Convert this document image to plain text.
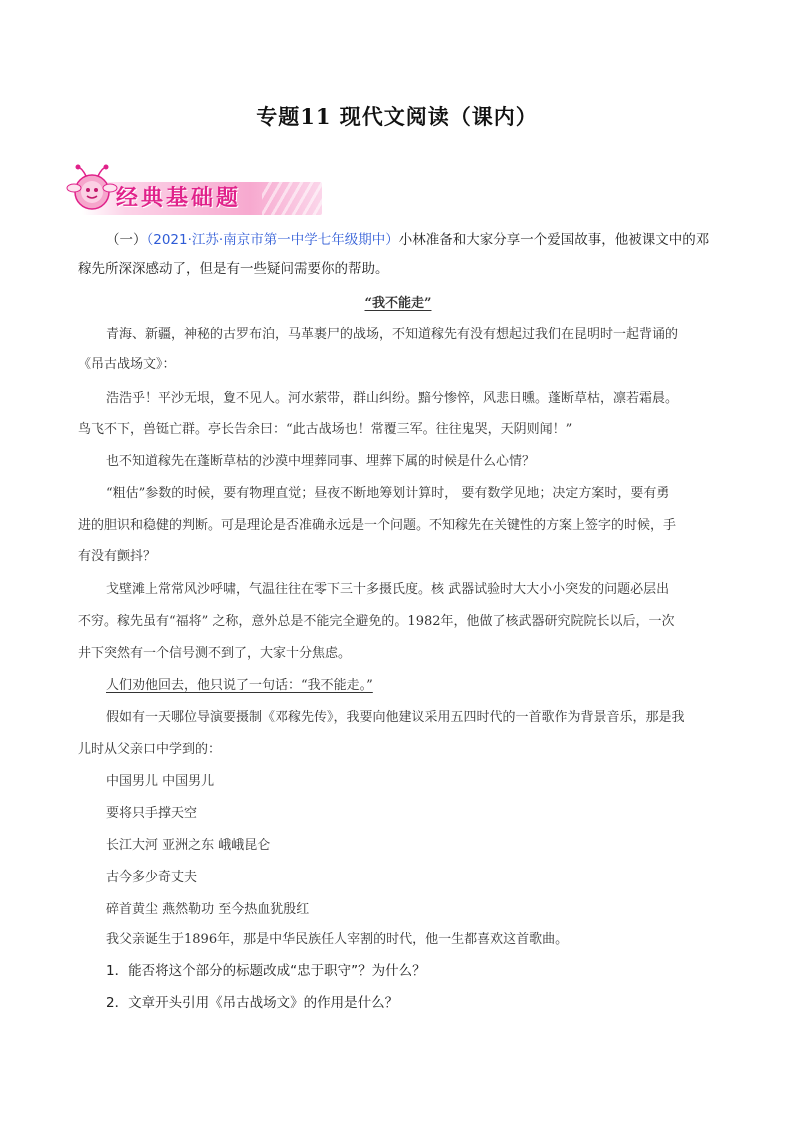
专题11 现代文阅读（课内）
经典基础题
（一）（2021·江苏·南京市第一中学七年级期中）小林准备和大家分享一个爱国故事，他被课文中的邓
稼先所深深感动了，但是有一些疑问需要你的帮助。
“我不能走”
青海、新疆，神秘的古罗布泊，马革裹尸的战场，不知道稼先有没有想起过我们在昆明时一起背诵的
《吊古战场文》：
浩浩乎！平沙无垠，夐不见人。河水萦带，群山纠纷。黯兮惨悴，风悲日曛。蓬断草枯，凛若霜晨。
鸟飞不下，兽铤亡群。亭长告余曰：“此古战场也！常覆三军。往往鬼哭，天阴则闻！”
也不知道稼先在蓬断草枯的沙漠中埋葬同事、埋葬下属的时候是什么心情？
“粗估”参数的时候，要有物理直觉；昼夜不断地筹划计算时， 要有数学见地；决定方案时，要有勇
进的胆识和稳健的判断。可是理论是否准确永远是一个问题。不知稼先在关键性的方案上签字的时候，手
有没有颤抖？
戈壁滩上常常风沙呼啸，气温往往在零下三十多摄氏度。核 武器试验时大大小小突发的问题必层出
不穷。稼先虽有“福将” 之称，意外总是不能完全避免的。1982年，他做了核武器研究院院长以后，一次
井下突然有一个信号测不到了，大家十分焦虑。
人们劝他回去，他只说了一句话：“我不能走。”
假如有一天哪位导演要摄制《邓稼先传》，我要向他建议采用五四时代的一首歌作为背景音乐，那是我
儿时从父亲口中学到的：
中国男儿 中国男儿
要将只手撑天空
长江大河 亚洲之东 峨峨昆仑
古今多少奇丈夫
碎首黄尘 燕然勒功 至今热血犹殷红
我父亲诞生于1896年，那是中华民族任人宰割的时代，他一生都喜欢这首歌曲。
1．能否将这个部分的标题改成“忠于职守”？为什么？
2．文章开头引用《吊古战场文》的作用是什么？
